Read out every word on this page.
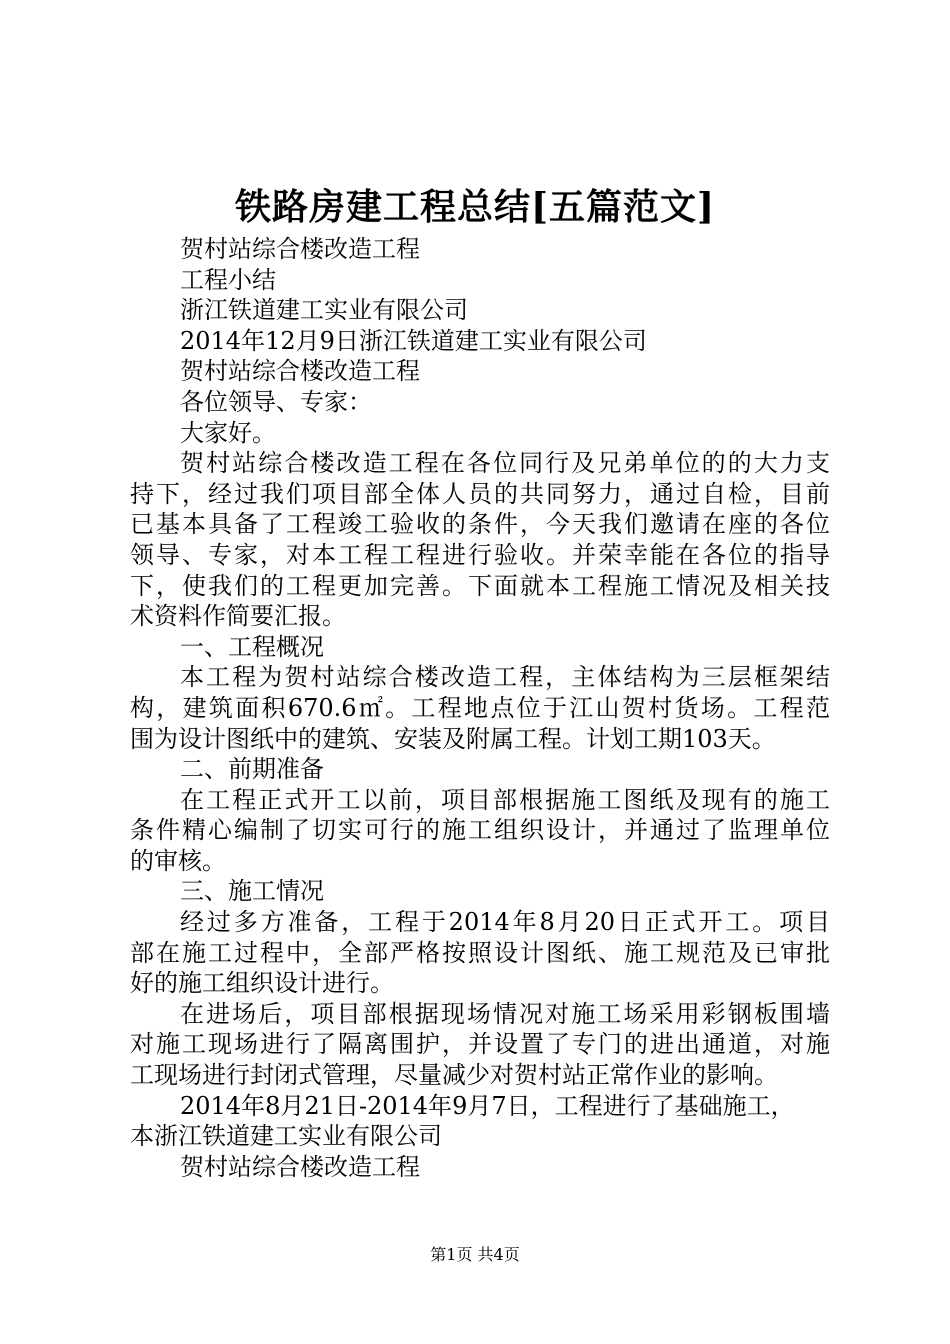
铁路房建工程总结[五篇范文]
贺村站综合楼改造工程
工程小结
浙江铁道建工实业有限公司
2014年12月9日浙江铁道建工实业有限公司
贺村站综合楼改造工程
各位领导、专家：
大家好。
贺村站综合楼改造工程在各位同行及兄弟单位的的大力支
持下，经过我们项目部全体人员的共同努力，通过自检，目前
已基本具备了工程竣工验收的条件，今天我们邀请在座的各位
领导、专家，对本工程工程进行验收。并荣幸能在各位的指导
下，使我们的工程更加完善。下面就本工程施工情况及相关技
术资料作简要汇报。
一、工程概况
本工程为贺村站综合楼改造工程，主体结构为三层框架结
构，建筑面积670.6㎡。工程地点位于江山贺村货场。工程范
围为设计图纸中的建筑、安装及附属工程。计划工期103天。
二、前期准备
在工程正式开工以前，项目部根据施工图纸及现有的施工
条件精心编制了切实可行的施工组织设计，并通过了监理单位
的审核。
三、施工情况
经过多方准备，工程于2014年8月20日正式开工。项目
部在施工过程中，全部严格按照设计图纸、施工规范及已审批
好的施工组织设计进行。
在进场后，项目部根据现场情况对施工场采用彩钢板围墙
对施工现场进行了隔离围护，并设置了专门的进出通道，对施
工现场进行封闭式管理，尽量减少对贺村站正常作业的影响。
2014年8月21日-2014年9月7日，工程进行了基础施工，
本浙江铁道建工实业有限公司
贺村站综合楼改造工程
第1页 共4页
